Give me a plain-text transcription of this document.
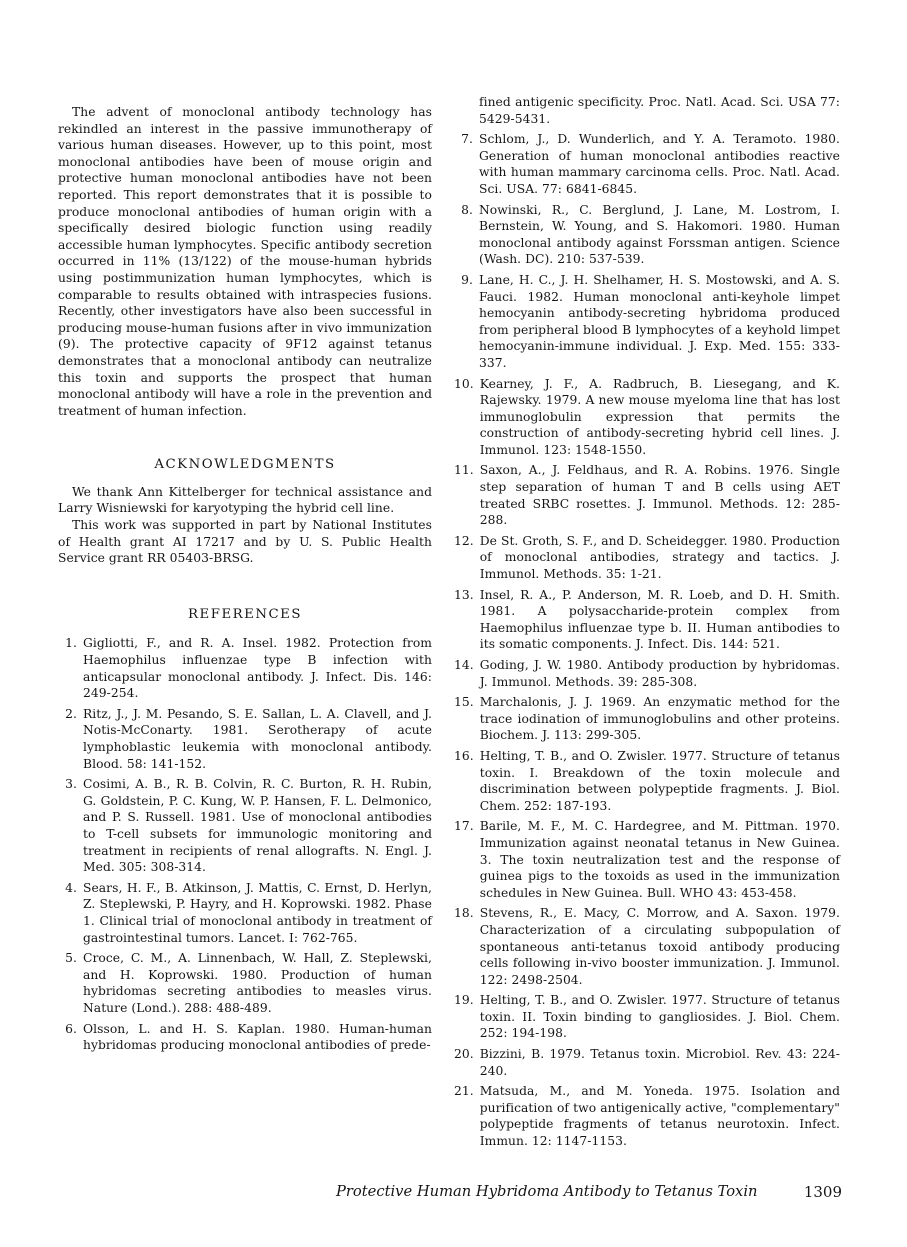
The advent of monoclonal antibody technology has rekindled an interest in the passive immunotherapy of various human diseases. However, up to this point, most monoclonal antibodies have been of mouse origin and protective human monoclonal antibodies have not been reported. This report demonstrates that it is possible to produce monoclonal antibodies of human origin with a specifically desired biologic function using readily accessible human lymphocytes. Specific antibody secretion occurred in 11% (13/122) of the mouse-human hybrids using postimmunization human lymphocytes, which is comparable to results obtained with intraspecies fusions. Recently, other investigators have also been successful in producing mouse-human fusions after in vivo immunization (9). The protective capacity of 9F12 against tetanus demonstrates that a monoclonal antibody can neutralize this toxin and supports the prospect that human monoclonal antibody will have a role in the prevention and treatment of human infection.

ACKNOWLEDGMENTS

We thank Ann Kittelberger for technical assistance and Larry Wisniewski for karyotyping the hybrid cell line.

This work was supported in part by National Institutes of Health grant AI 17217 and by U. S. Public Health Service grant RR 05403-BRSG.

REFERENCES

1. Gigliotti, F., and R. A. Insel. 1982. Protection from Haemophilus influenzae type B infection with anticapsular monoclonal antibody. J. Infect. Dis. 146: 249-254.
2. Ritz, J., J. M. Pesando, S. E. Sallan, L. A. Clavell, and J. Notis-McConarty. 1981. Serotherapy of acute lymphoblastic leukemia with monoclonal antibody. Blood. 58: 141-152.
3. Cosimi, A. B., R. B. Colvin, R. C. Burton, R. H. Rubin, G. Goldstein, P. C. Kung, W. P. Hansen, F. L. Delmonico, and P. S. Russell. 1981. Use of monoclonal antibodies to T-cell subsets for immunologic monitoring and treatment in recipients of renal allografts. N. Engl. J. Med. 305: 308-314.
4. Sears, H. F., B. Atkinson, J. Mattis, C. Ernst, D. Herlyn, Z. Steplewski, P. Hayry, and H. Koprowski. 1982. Phase 1. Clinical trial of monoclonal antibody in treatment of gastrointestinal tumors. Lancet. I: 762-765.
5. Croce, C. M., A. Linnenbach, W. Hall, Z. Steplewski, and H. Koprowski. 1980. Production of human hybridomas secreting antibodies to measles virus. Nature (Lond.). 288: 488-489.
6. Olsson, L. and H. S. Kaplan. 1980. Human-human hybridomas producing monoclonal antibodies of prede-
fined antigenic specificity. Proc. Natl. Acad. Sci. USA 77: 5429-5431.
7. Schlom, J., D. Wunderlich, and Y. A. Teramoto. 1980. Generation of human monoclonal antibodies reactive with human mammary carcinoma cells. Proc. Natl. Acad. Sci. USA. 77: 6841-6845.
8. Nowinski, R., C. Berglund, J. Lane, M. Lostrom, I. Bernstein, W. Young, and S. Hakomori. 1980. Human monoclonal antibody against Forssman antigen. Science (Wash. DC). 210: 537-539.
9. Lane, H. C., J. H. Shelhamer, H. S. Mostowski, and A. S. Fauci. 1982. Human monoclonal anti-keyhole limpet hemocyanin antibody-secreting hybridoma produced from peripheral blood B lymphocytes of a keyhold limpet hemocyanin-immune individual. J. Exp. Med. 155: 333-337.
10. Kearney, J. F., A. Radbruch, B. Liesegang, and K. Rajewsky. 1979. A new mouse myeloma line that has lost immunoglobulin expression that permits the construction of antibody-secreting hybrid cell lines. J. Immunol. 123: 1548-1550.
11. Saxon, A., J. Feldhaus, and R. A. Robins. 1976. Single step separation of human T and B cells using AET treated SRBC rosettes. J. Immunol. Methods. 12: 285-288.
12. De St. Groth, S. F., and D. Scheidegger. 1980. Production of monoclonal antibodies, strategy and tactics. J. Immunol. Methods. 35: 1-21.
13. Insel, R. A., P. Anderson, M. R. Loeb, and D. H. Smith. 1981. A polysaccharide-protein complex from Haemophilus influenzae type b. II. Human antibodies to its somatic components. J. Infect. Dis. 144: 521.
14. Goding, J. W. 1980. Antibody production by hybridomas. J. Immunol. Methods. 39: 285-308.
15. Marchalonis, J. J. 1969. An enzymatic method for the trace iodination of immunoglobulins and other proteins. Biochem. J. 113: 299-305.
16. Helting, T. B., and O. Zwisler. 1977. Structure of tetanus toxin. I. Breakdown of the toxin molecule and discrimination between polypeptide fragments. J. Biol. Chem. 252: 187-193.
17. Barile, M. F., M. C. Hardegree, and M. Pittman. 1970. Immunization against neonatal tetanus in New Guinea. 3. The toxin neutralization test and the response of guinea pigs to the toxoids as used in the immunization schedules in New Guinea. Bull. WHO 43: 453-458.
18. Stevens, R., E. Macy, C. Morrow, and A. Saxon. 1979. Characterization of a circulating subpopulation of spontaneous anti-tetanus toxoid antibody producing cells following in-vivo booster immunization. J. Immunol. 122: 2498-2504.
19. Helting, T. B., and O. Zwisler. 1977. Structure of tetanus toxin. II. Toxin binding to gangliosides. J. Biol. Chem. 252: 194-198.
20. Bizzini, B. 1979. Tetanus toxin. Microbiol. Rev. 43: 224-240.
21. Matsuda, M., and M. Yoneda. 1975. Isolation and purification of two antigenically active, "complementary" polypeptide fragments of tetanus neurotoxin. Infect. Immun. 12: 1147-1153.
Protective Human Hybridoma Antibody to Tetanus Toxin	1309
